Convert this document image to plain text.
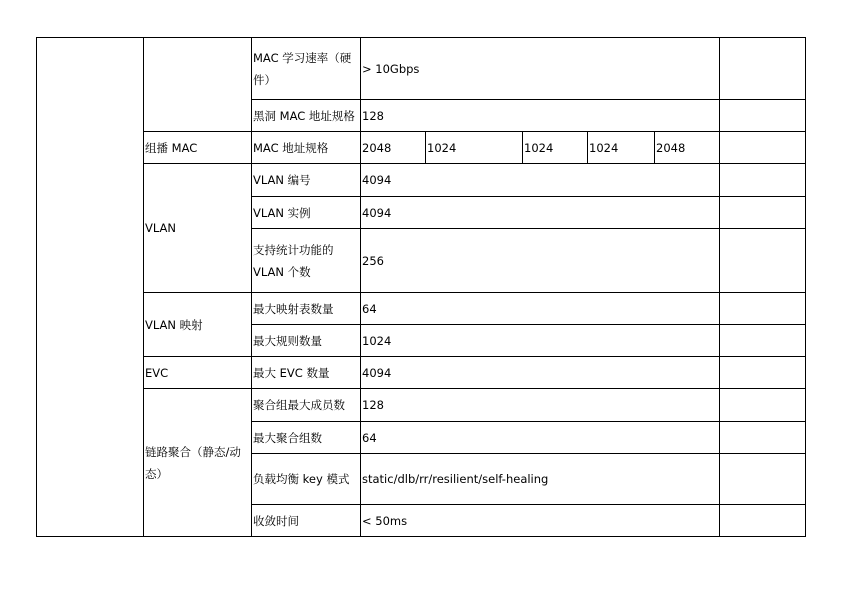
		MAC 学习速率（硬件）	> 10Gbps					
		黑洞 MAC 地址规格	128					
	组播 MAC	MAC 地址规格	2048	1024	1024	1024	2048	
	VLAN	VLAN 编号	4094					
		VLAN 实例	4094					

		支持统计功能的VLAN 个数	256					
	VLAN 映射	最大映射表数量	64					
		最大规则数量	1024					
	EVC	最大 EVC 数量	4094					

	链路聚合（静态/动态）	聚合组最大成员数	128					
		最大聚合组数	64					
		负载均衡 key 模式	static/dlb/rr/resilient/self-healing					
		收敛时间	< 50ms					
